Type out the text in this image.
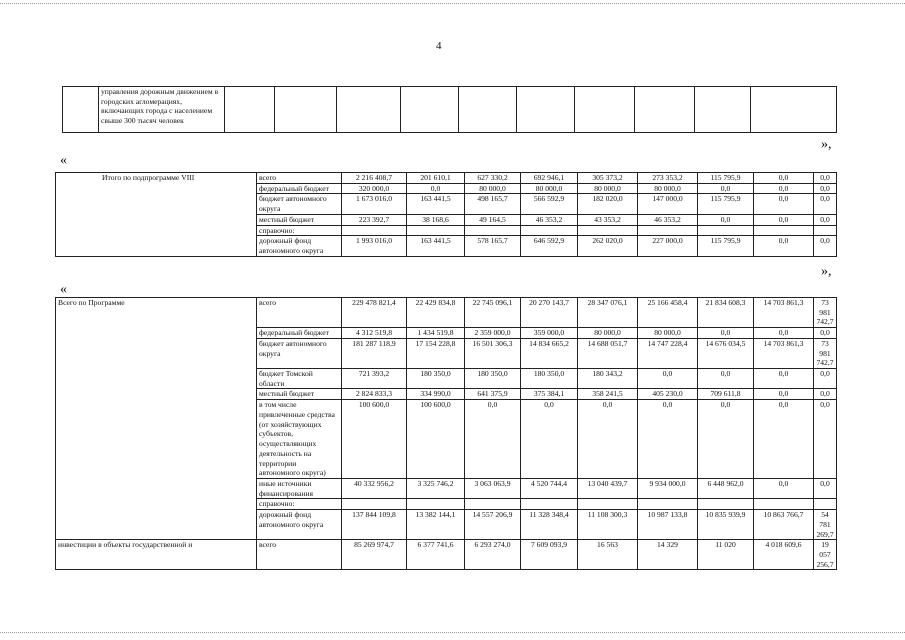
4
	управления дорожным движением в городских агломерациях, включающих города с населением свыше 300 тысяч человек										
»,
«
Итого по подпрограмме VIII	всего	2 216 408,7	201 610,1	627 330,2	692 946,1	305 373,2	273 353,2	115 795,9	0,0	0,0
	федеральный бюджет	320 000,0	0,0	80 000,0	80 000,0	80 000,0	80 000,0	0,0	0,0	0,0
	бюджет автономного округа	1 673 016,0	163 441,5	498 165,7	566 592,9	182 020,0	147 000,0	115 795,9	0,0	0,0
	местный бюджет	223 392,7	38 168,6	49 164,5	46 353,2	43 353,2	46 353,2	0,0	0,0	0,0
	справочно:									
	дорожный фонд автономного округа	1 993 016,0	163 441,5	578 165,7	646 592,9	262 020,0	227 000,0	115 795,9	0,0	0,0
»,
«
Всего по Программе	всего	229 478 821,4	22 429 834,8	22 745 096,1	20 270 143,7	28 347 076,1	25 166 458,4	21 834 608,3	14 703 861,3	73 981 742,7
	федеральный бюджет	4 312 519,8	1 434 519,8	2 359 000,0	359 000,0	80 000,0	80 000,0	0,0	0,0	0,0
	бюджет автономного округа	181 287 118,9	17 154 228,8	16 501 306,3	14 834 665,2	14 688 051,7	14 747 228,4	14 676 034,5	14 703 861,3	73 981 742,7
	бюджет Томской области	721 393,2	180 350,0	180 350,0	180 350,0	180 343,2	0,0	0,0	0,0	0,0
	местный бюджет	2 824 833,3	334 990,0	641 375,9	375 384,1	358 241,5	405 230,0	709 611,8	0,0	0,0
	в том числе привлеченные средства (от хозяйствующих субъектов, осуществляющих деятельность на территории автономного округа)	100 600,0	100 600,0	0,0	0,0	0,0	0,0	0,0	0,0	0,0
	иные источники финансирования	40 332 956,2	3 325 746,2	3 063 063,9	4 520 744,4	13 040 439,7	9 934 000,0	6 448 962,0	0,0	0,0
	справочно:									
	дорожный фонд автономного округа	137 844 109,8	13 382 144,1	14 557 206,9	11 328 348,4	11 108 300,3	10 987 133,8	10 835 939,9	10 863 766,7	54 781 269,7
инвестиции в объекты государственной и	всего	85 269 974,7	6 377 741,6	6 293 274,0	7 609 093,9	16 563	14 329	11 020	4 018 609,6	19 057 256,7
